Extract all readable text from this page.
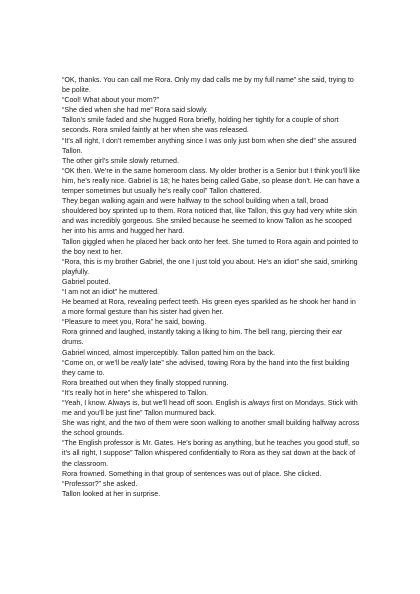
“OK, thanks. You can call me Rora. Only my dad calls me by my full name” she said, trying to be polite.

“Cool! What about your mom?”

“She died when she had me” Rora said slowly.

Tallon’s smile faded and she hugged Rora briefly, holding her tightly for a couple of short seconds. Rora smiled faintly at her when she was released.

“It’s all right, I don’t remember anything since I was only just born when she died” she assured Tallon.

The other girl’s smile slowly returned.

“OK then. We’re in the same homeroom class. My older brother is a Senior but I think you’ll like him, he’s really nice. Gabriel is 18; he hates being called Gabe, so please don’t. He can have a temper sometimes but usually he’s really cool” Tallon chattered.

They began walking again and were halfway to the school building when a tall, broad shouldered boy sprinted up to them. Rora noticed that, like Tallon, this guy had very white skin and was incredibly gorgeous. She smiled because he seemed to know Tallon as he scooped her into his arms and hugged her hard.

Tallon giggled when he placed her back onto her feet. She turned to Rora again and pointed to the boy next to her.

“Rora, this is my brother Gabriel, the one I just told you about. He’s an idiot” she said, smirking playfully.

Gabriel pouted.

“I am not an idiot” he muttered.

He beamed at Rora, revealing perfect teeth. His green eyes sparkled as he shook her hand in a more formal gesture than his sister had given her.

“Pleasure to meet you, Rora” he said, bowing.

Rora grinned and laughed, instantly taking a liking to him. The bell rang, piercing their ear drums.

Gabriel winced, almost imperceptibly. Tallon patted him on the back.

“Come on, or we’ll be really late” she advised, towing Rora by the hand into the first building they came to.

Rora breathed out when they finally stopped running.

“It’s really hot in here” she whispered to Tallon.

“Yeah, I know. Always is, but we’ll head off soon. English is always first on Mondays. Stick with me and you’ll be just fine” Tallon murmured back.

She was right, and the two of them were soon walking to another small building halfway across the school grounds.

“The English professor is Mr. Gates. He’s boring as anything, but he teaches you good stuff, so it’s all right, I suppose” Tallon whispered confidentially to Rora as they sat down at the back of the classroom.

Rora frowned. Something in that group of sentences was out of place. She clicked.

“Professor?” she asked.

Tallon looked at her in surprise.
